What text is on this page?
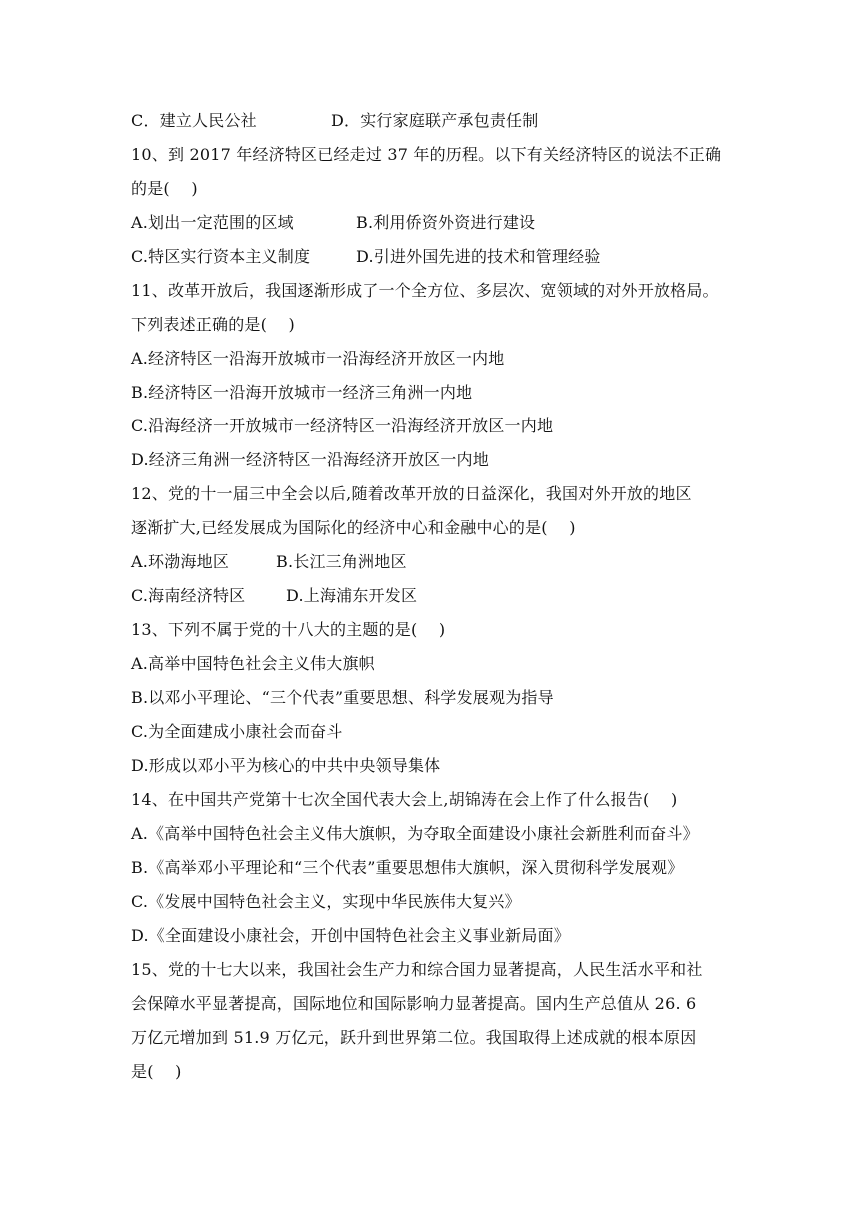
C．建立人民公社	D．实行家庭联产承包责任制
10、到 2017 年经济特区已经走过 37 年的历程。以下有关经济特区的说法不正确
的是(　 )
A.划出一定范围的区域	B.利用侨资外资进行建设
C.特区实行资本主义制度	D.引进外国先进的技术和管理经验
11、改革开放后，我国逐渐形成了一个全方位、多层次、宽领域的对外开放格局。
下列表述正确的是(　 )
A.经济特区一沿海开放城市一沿海经济开放区一内地
B.经济特区一沿海开放城市一经济三角洲一内地
C.沿海经济一开放城市一经济特区一沿海经济开放区一内地
D.经济三角洲一经济特区一沿海经济开放区一内地
12、党的十一届三中全会以后,随着改革开放的日益深化，我国对外开放的地区
逐渐扩大,已经发展成为国际化的经济中心和金融中心的是(　 )
A.环渤海地区	B.长江三角洲地区
C.海南经济特区	D.上海浦东开发区
13、下列不属于党的十八大的主题的是(　 )
A.高举中国特色社会主义伟大旗帜
B.以邓小平理论、“三个代表”重要思想、科学发展观为指导
C.为全面建成小康社会而奋斗
D.形成以邓小平为核心的中共中央领导集体
14、在中国共产党第十七次全国代表大会上,胡锦涛在会上作了什么报告(　 )
A.《高举中国特色社会主义伟大旗帜，为夺取全面建设小康社会新胜利而奋斗》
B.《高举邓小平理论和“三个代表”重要思想伟大旗帜，深入贯彻科学发展观》
C.《发展中国特色社会主义，实现中华民族伟大复兴》
D.《全面建设小康社会，开创中国特色社会主义事业新局面》
15、党的十七大以来，我国社会生产力和综合国力显著提高，人民生活水平和社
会保障水平显著提高，国际地位和国际影响力显著提高。国内生产总值从 26. 6
万亿元增加到 51.9 万亿元，跃升到世界第二位。我国取得上述成就的根本原因
是(　 )
